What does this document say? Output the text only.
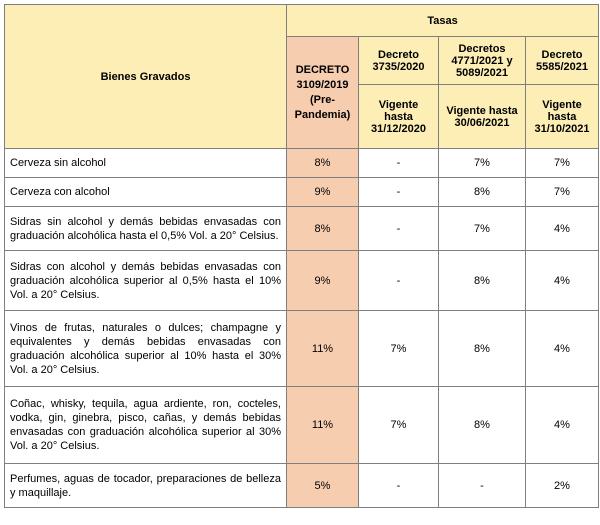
Bienes Gravados	Tasas			
	DECRETO 3109/2019 (Pre-Pandemia)	Decreto 3735/2020	Decretos 4771/2021 y 5089/2021	Decreto 5585/2021
		Vigente hasta 31/12/2020	Vigente hasta 30/06/2021	Vigente hasta 31/10/2021
Cerveza sin alcohol	8%	-	7%	7%
Cerveza con alcohol	9%	-	8%	7%
Sidras sin alcohol y demás bebidas envasadas con graduación alcohólica hasta el 0,5% Vol. a 20° Celsius.	8%	-	7%	4%
Sidras con alcohol y demás bebidas envasadas con graduación alcohólica superior al 0,5% hasta el 10% Vol. a 20° Celsius.	9%	-	8%	4%
Vinos de frutas, naturales o dulces; champagne y equivalentes y demás bebidas envasadas con graduación alcohólica superior al 10% hasta el 30% Vol. a 20° Celsius.	11%	7%	8%	4%
Coñac, whisky, tequila, agua ardiente, ron, cocteles, vodka, gin, ginebra, pisco, cañas, y demás bebidas envasadas con graduación alcohólica superior al 30% Vol. a 20° Celsius.	11%	7%	8%	4%
Perfumes, aguas de tocador, preparaciones de belleza y maquillaje.	5%	-	-	2%
